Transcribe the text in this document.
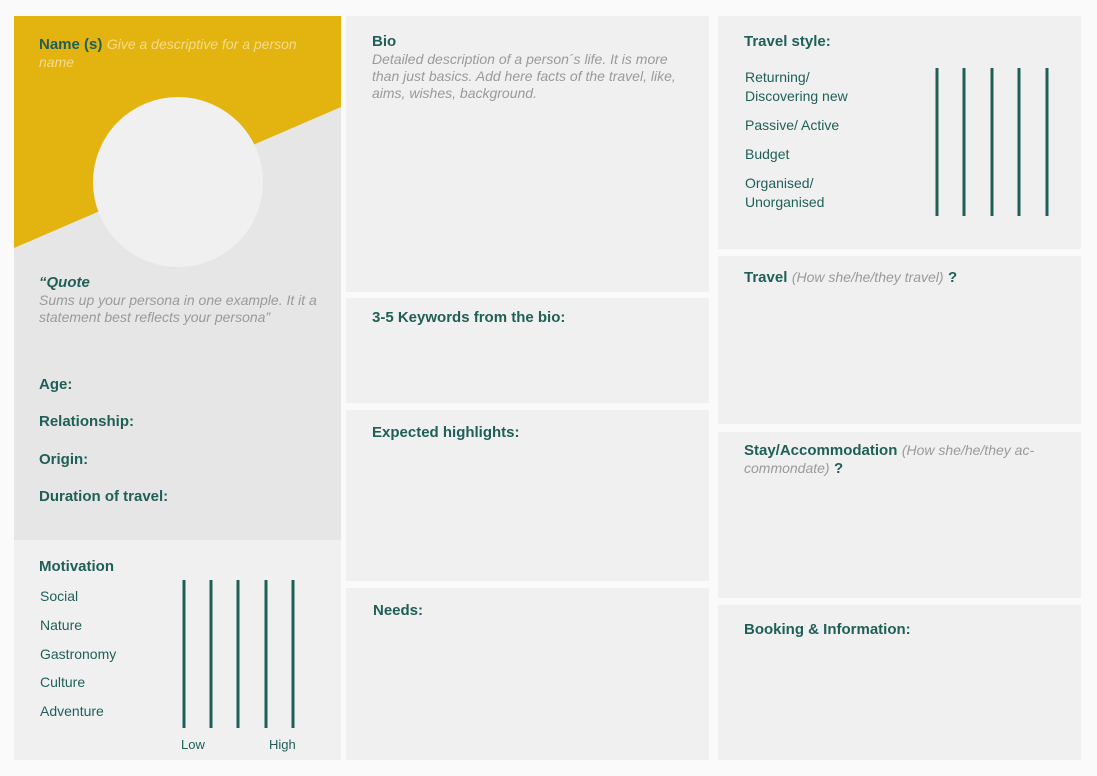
Name (s) Give a descriptive for a person name
“Quote
Sums up your persona in one example. It it a statement best reflects your persona”
Age:
Relationship:
Origin:
Duration of travel:
Motivation
Social
Nature
Gastronomy
Culture
Adventure
Low	High
Bio
Detailed description of a person´s life. It is more than just basics. Add here facts of the travel, like, aims, wishes, background.
3-5 Keywords from the bio:
Expected highlights:
Needs:
Travel style:
Returning/ Discovering new
Passive/ Active
Budget
Organised/ Unorganised
Travel (How she/he/they travel) ?
Stay/Accommodation (How she/he/they ac-commondate) ?
Booking & Information:
